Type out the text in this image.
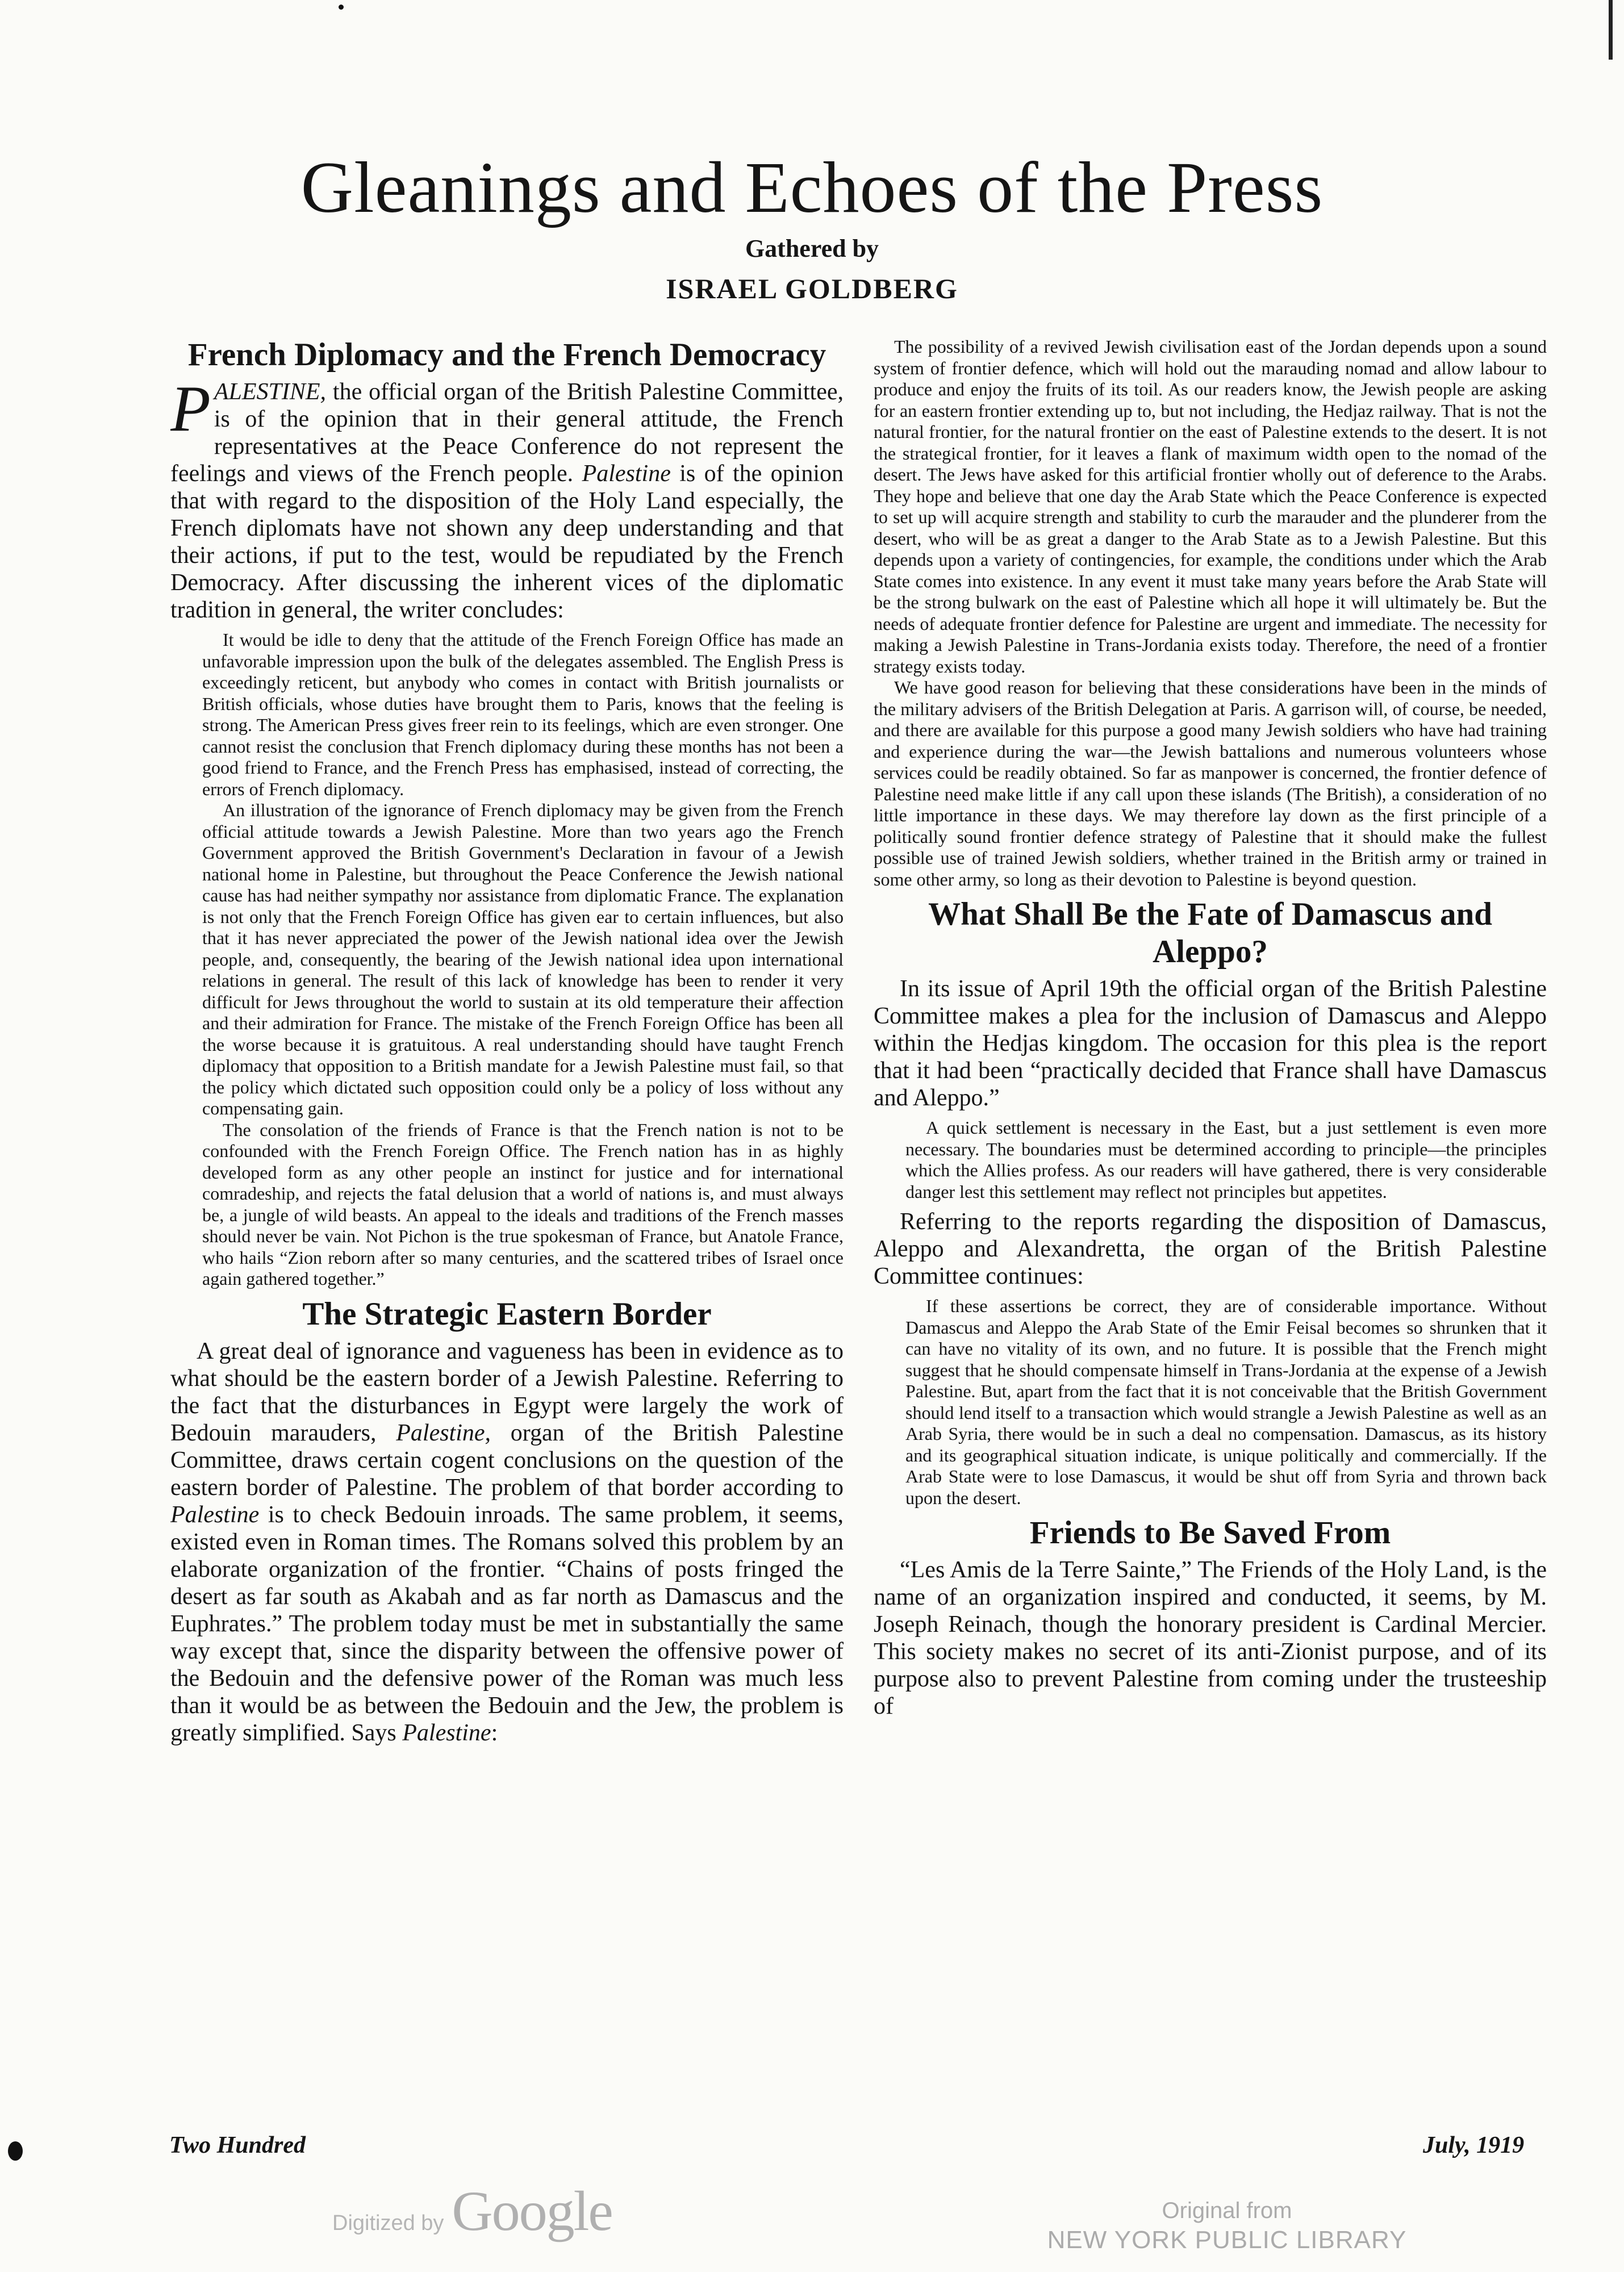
Gleanings and Echoes of the Press
Gathered by
ISRAEL GOLDBERG
French Diplomacy and the French Democracy

PALESTINE, the official organ of the British Palestine Committee, is of the opinion that in their general attitude, the French representatives at the Peace Conference do not represent the feelings and views of the French people. Palestine is of the opinion that with regard to the disposition of the Holy Land especially, the French diplomats have not shown any deep understanding and that their actions, if put to the test, would be repudiated by the French Democracy. After discussing the inherent vices of the diplomatic tradition in general, the writer concludes:

It would be idle to deny that the attitude of the French Foreign Office has made an unfavorable impression upon the bulk of the delegates assembled. The English Press is exceedingly reticent, but anybody who comes in contact with British journalists or British officials, whose duties have brought them to Paris, knows that the feeling is strong. The American Press gives freer rein to its feelings, which are even stronger. One cannot resist the conclusion that French diplomacy during these months has not been a good friend to France, and the French Press has emphasised, instead of correcting, the errors of French diplomacy.

An illustration of the ignorance of French diplomacy may be given from the French official attitude towards a Jewish Palestine. More than two years ago the French Government approved the British Government's Declaration in favour of a Jewish national home in Palestine, but throughout the Peace Conference the Jewish national cause has had neither sympathy nor assistance from diplomatic France. The explanation is not only that the French Foreign Office has given ear to certain influences, but also that it has never appreciated the power of the Jewish national idea over the Jewish people, and, consequently, the bearing of the Jewish national idea upon international relations in general. The result of this lack of knowledge has been to render it very difficult for Jews throughout the world to sustain at its old temperature their affection and their admiration for France. The mistake of the French Foreign Office has been all the worse because it is gratuitous. A real understanding should have taught French diplomacy that opposition to a British mandate for a Jewish Palestine must fail, so that the policy which dictated such opposition could only be a policy of loss without any compensating gain.

The consolation of the friends of France is that the French nation is not to be confounded with the French Foreign Office. The French nation has in as highly developed form as any other people an instinct for justice and for international comradeship, and rejects the fatal delusion that a world of nations is, and must always be, a jungle of wild beasts. An appeal to the ideals and traditions of the French masses should never be vain. Not Pichon is the true spokesman of France, but Anatole France, who hails “Zion reborn after so many centuries, and the scattered tribes of Israel once again gathered together.”

The Strategic Eastern Border

A great deal of ignorance and vagueness has been in evidence as to what should be the eastern border of a Jewish Palestine. Referring to the fact that the disturbances in Egypt were largely the work of Bedouin marauders, Palestine, organ of the British Palestine Committee, draws certain cogent conclusions on the question of the eastern border of Palestine. The problem of that border according to Palestine is to check Bedouin inroads. The same problem, it seems, existed even in Roman times. The Romans solved this problem by an elaborate organization of the frontier. “Chains of posts fringed the desert as far south as Akabah and as far north as Damascus and the Euphrates.” The problem today must be met in substantially the same way except that, since the disparity between the offensive power of the Bedouin and the defensive power of the Roman was much less than it would be as between the Bedouin and the Jew, the problem is greatly simplified. Says Palestine:

The possibility of a revived Jewish civilisation east of the Jordan depends upon a sound system of frontier defence, which will hold out the marauding nomad and allow labour to produce and enjoy the fruits of its toil. As our readers know, the Jewish people are asking for an eastern frontier extending up to, but not including, the Hedjaz railway. That is not the natural frontier, for the natural frontier on the east of Palestine extends to the desert. It is not the strategical frontier, for it leaves a flank of maximum width open to the nomad of the desert. The Jews have asked for this artificial frontier wholly out of deference to the Arabs. They hope and believe that one day the Arab State which the Peace Conference is expected to set up will acquire strength and stability to curb the marauder and the plunderer from the desert, who will be as great a danger to the Arab State as to a Jewish Palestine. But this depends upon a variety of contingencies, for example, the conditions under which the Arab State comes into existence. In any event it must take many years before the Arab State will be the strong bulwark on the east of Palestine which all hope it will ultimately be. But the needs of adequate frontier defence for Palestine are urgent and immediate. The necessity for making a Jewish Palestine in Trans-Jordania exists today. Therefore, the need of a frontier strategy exists today.

We have good reason for believing that these considerations have been in the minds of the military advisers of the British Delegation at Paris. A garrison will, of course, be needed, and there are available for this purpose a good many Jewish soldiers who have had training and experience during the war—the Jewish battalions and numerous volunteers whose services could be readily obtained. So far as manpower is concerned, the frontier defence of Palestine need make little if any call upon these islands (The British), a consideration of no little importance in these days. We may therefore lay down as the first principle of a politically sound frontier defence strategy of Palestine that it should make the fullest possible use of trained Jewish soldiers, whether trained in the British army or trained in some other army, so long as their devotion to Palestine is beyond question.

What Shall Be the Fate of Damascus and Aleppo?

In its issue of April 19th the official organ of the British Palestine Committee makes a plea for the inclusion of Damascus and Aleppo within the Hedjas kingdom. The occasion for this plea is the report that it had been “practically decided that France shall have Damascus and Aleppo.”

A quick settlement is necessary in the East, but a just settlement is even more necessary. The boundaries must be determined according to principle—the principles which the Allies profess. As our readers will have gathered, there is very considerable danger lest this settlement may reflect not principles but appetites.

Referring to the reports regarding the disposition of Damascus, Aleppo and Alexandretta, the organ of the British Palestine Committee continues:

If these assertions be correct, they are of considerable importance. Without Damascus and Aleppo the Arab State of the Emir Feisal becomes so shrunken that it can have no vitality of its own, and no future. It is possible that the French might suggest that he should compensate himself in Trans-Jordania at the expense of a Jewish Palestine. But, apart from the fact that it is not conceivable that the British Government should lend itself to a transaction which would strangle a Jewish Palestine as well as an Arab Syria, there would be in such a deal no compensation. Damascus, as its history and its geographical situation indicate, is unique politically and commercially. If the Arab State were to lose Damascus, it would be shut off from Syria and thrown back upon the desert.

Friends to Be Saved From

“Les Amis de la Terre Sainte,” The Friends of the Holy Land, is the name of an organization inspired and conducted, it seems, by M. Joseph Reinach, though the honorary president is Cardinal Mercier. This society makes no secret of its anti-Zionist purpose, and of its purpose also to prevent Palestine from coming under the trusteeship of

Two Hundred	July, 1919
Digitized by Google	Original from
NEW YORK PUBLIC LIBRARY
